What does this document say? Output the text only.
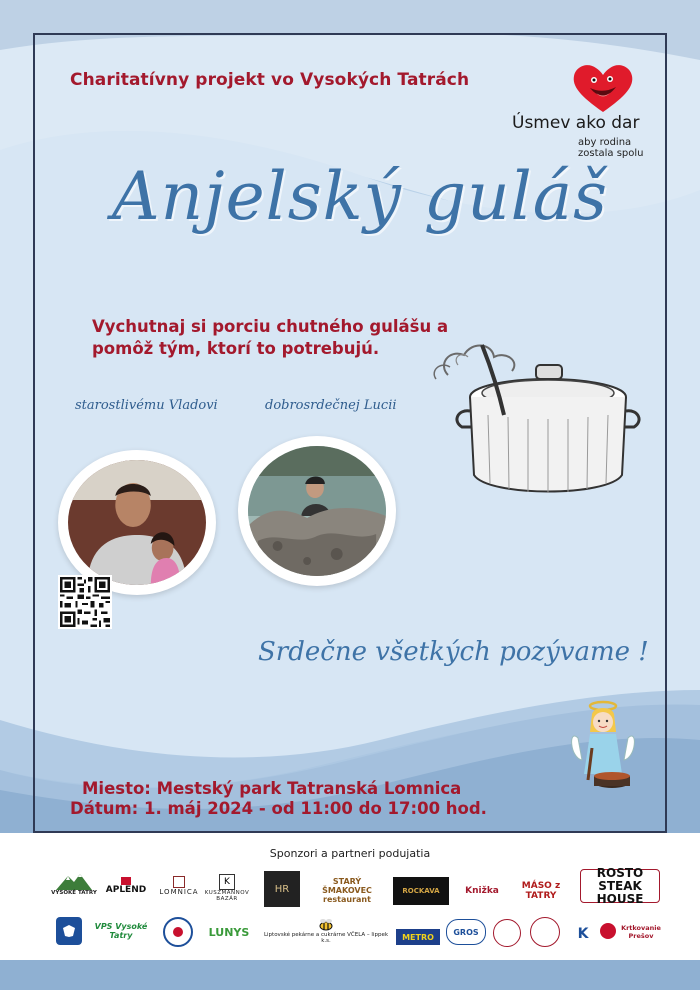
Charitatívny projekt vo Vysokých Tatrách
Úsmev ako dar
aby rodina zostala spolu
Anjelský guláš
Vychutnaj si porciu chutného gulášu a pomôž tým, ktorí to potrebujú.
starostlivému Vladovi	dobrosrdečnej Lucii
Srdečne všetkých pozývame !
Miesto: Mestský park Tatranská Lomnica
Dátum: 1. máj 2024 - od 11:00 do 17:00 hod.
Sponzori a partneri podujatia
VYSOKÉ TATRY APLEND LOMNICA
K
KUSZMANNOV BAZÁR
HR
STARÝ ŠMAKOVEC restaurant
ROCKAVA	Knižka	MÁSO z TATRY
ROSTO STEAK HOUSE
VPS Vysoké Tatry	LUNYS	Liptovské pekárne a cukrárne VČELA – lippek k.s.	METRO
GROS	K	Krtkovanie Prešov
